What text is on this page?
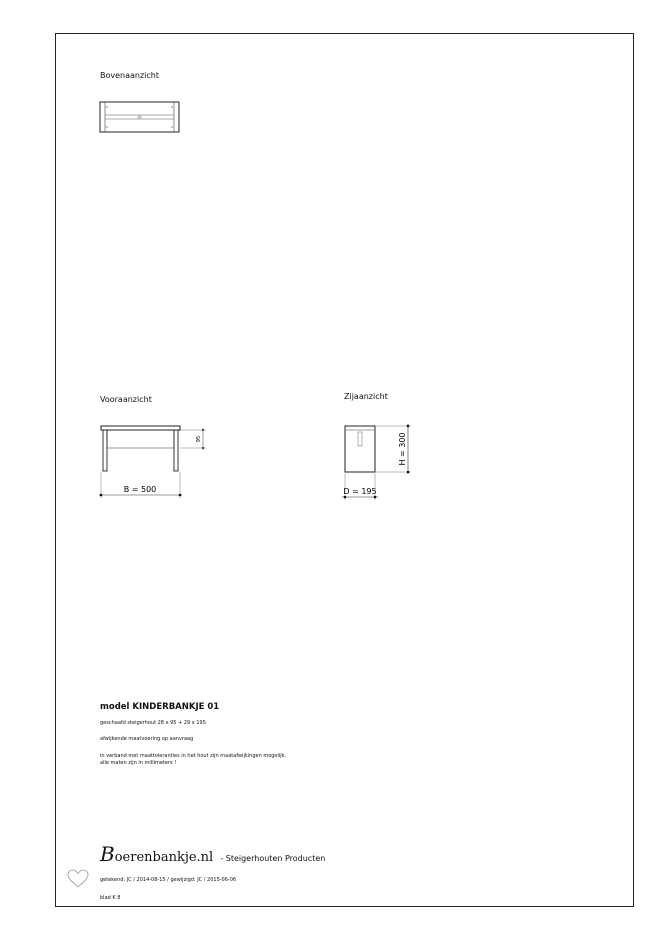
Bovenaanzicht
Vooraanzicht
95
B = 500
Zijaanzicht
H = 300
D = 195
model KINDERBANKJE 01
geschaafd steigerhout 28 x 95 + 29 x 195
afwijkende maatvoering op aanvraag
in verband met maattoleranties in het hout zijn maatafwijkingen mogelijk.
alle maten zijn in millimeters !
Boerenbankje.nl - Steigerhouten Producten
getekend: JC / 2014-08-15 / gewijzigd: JC / 2015-06-06
blad K 8
